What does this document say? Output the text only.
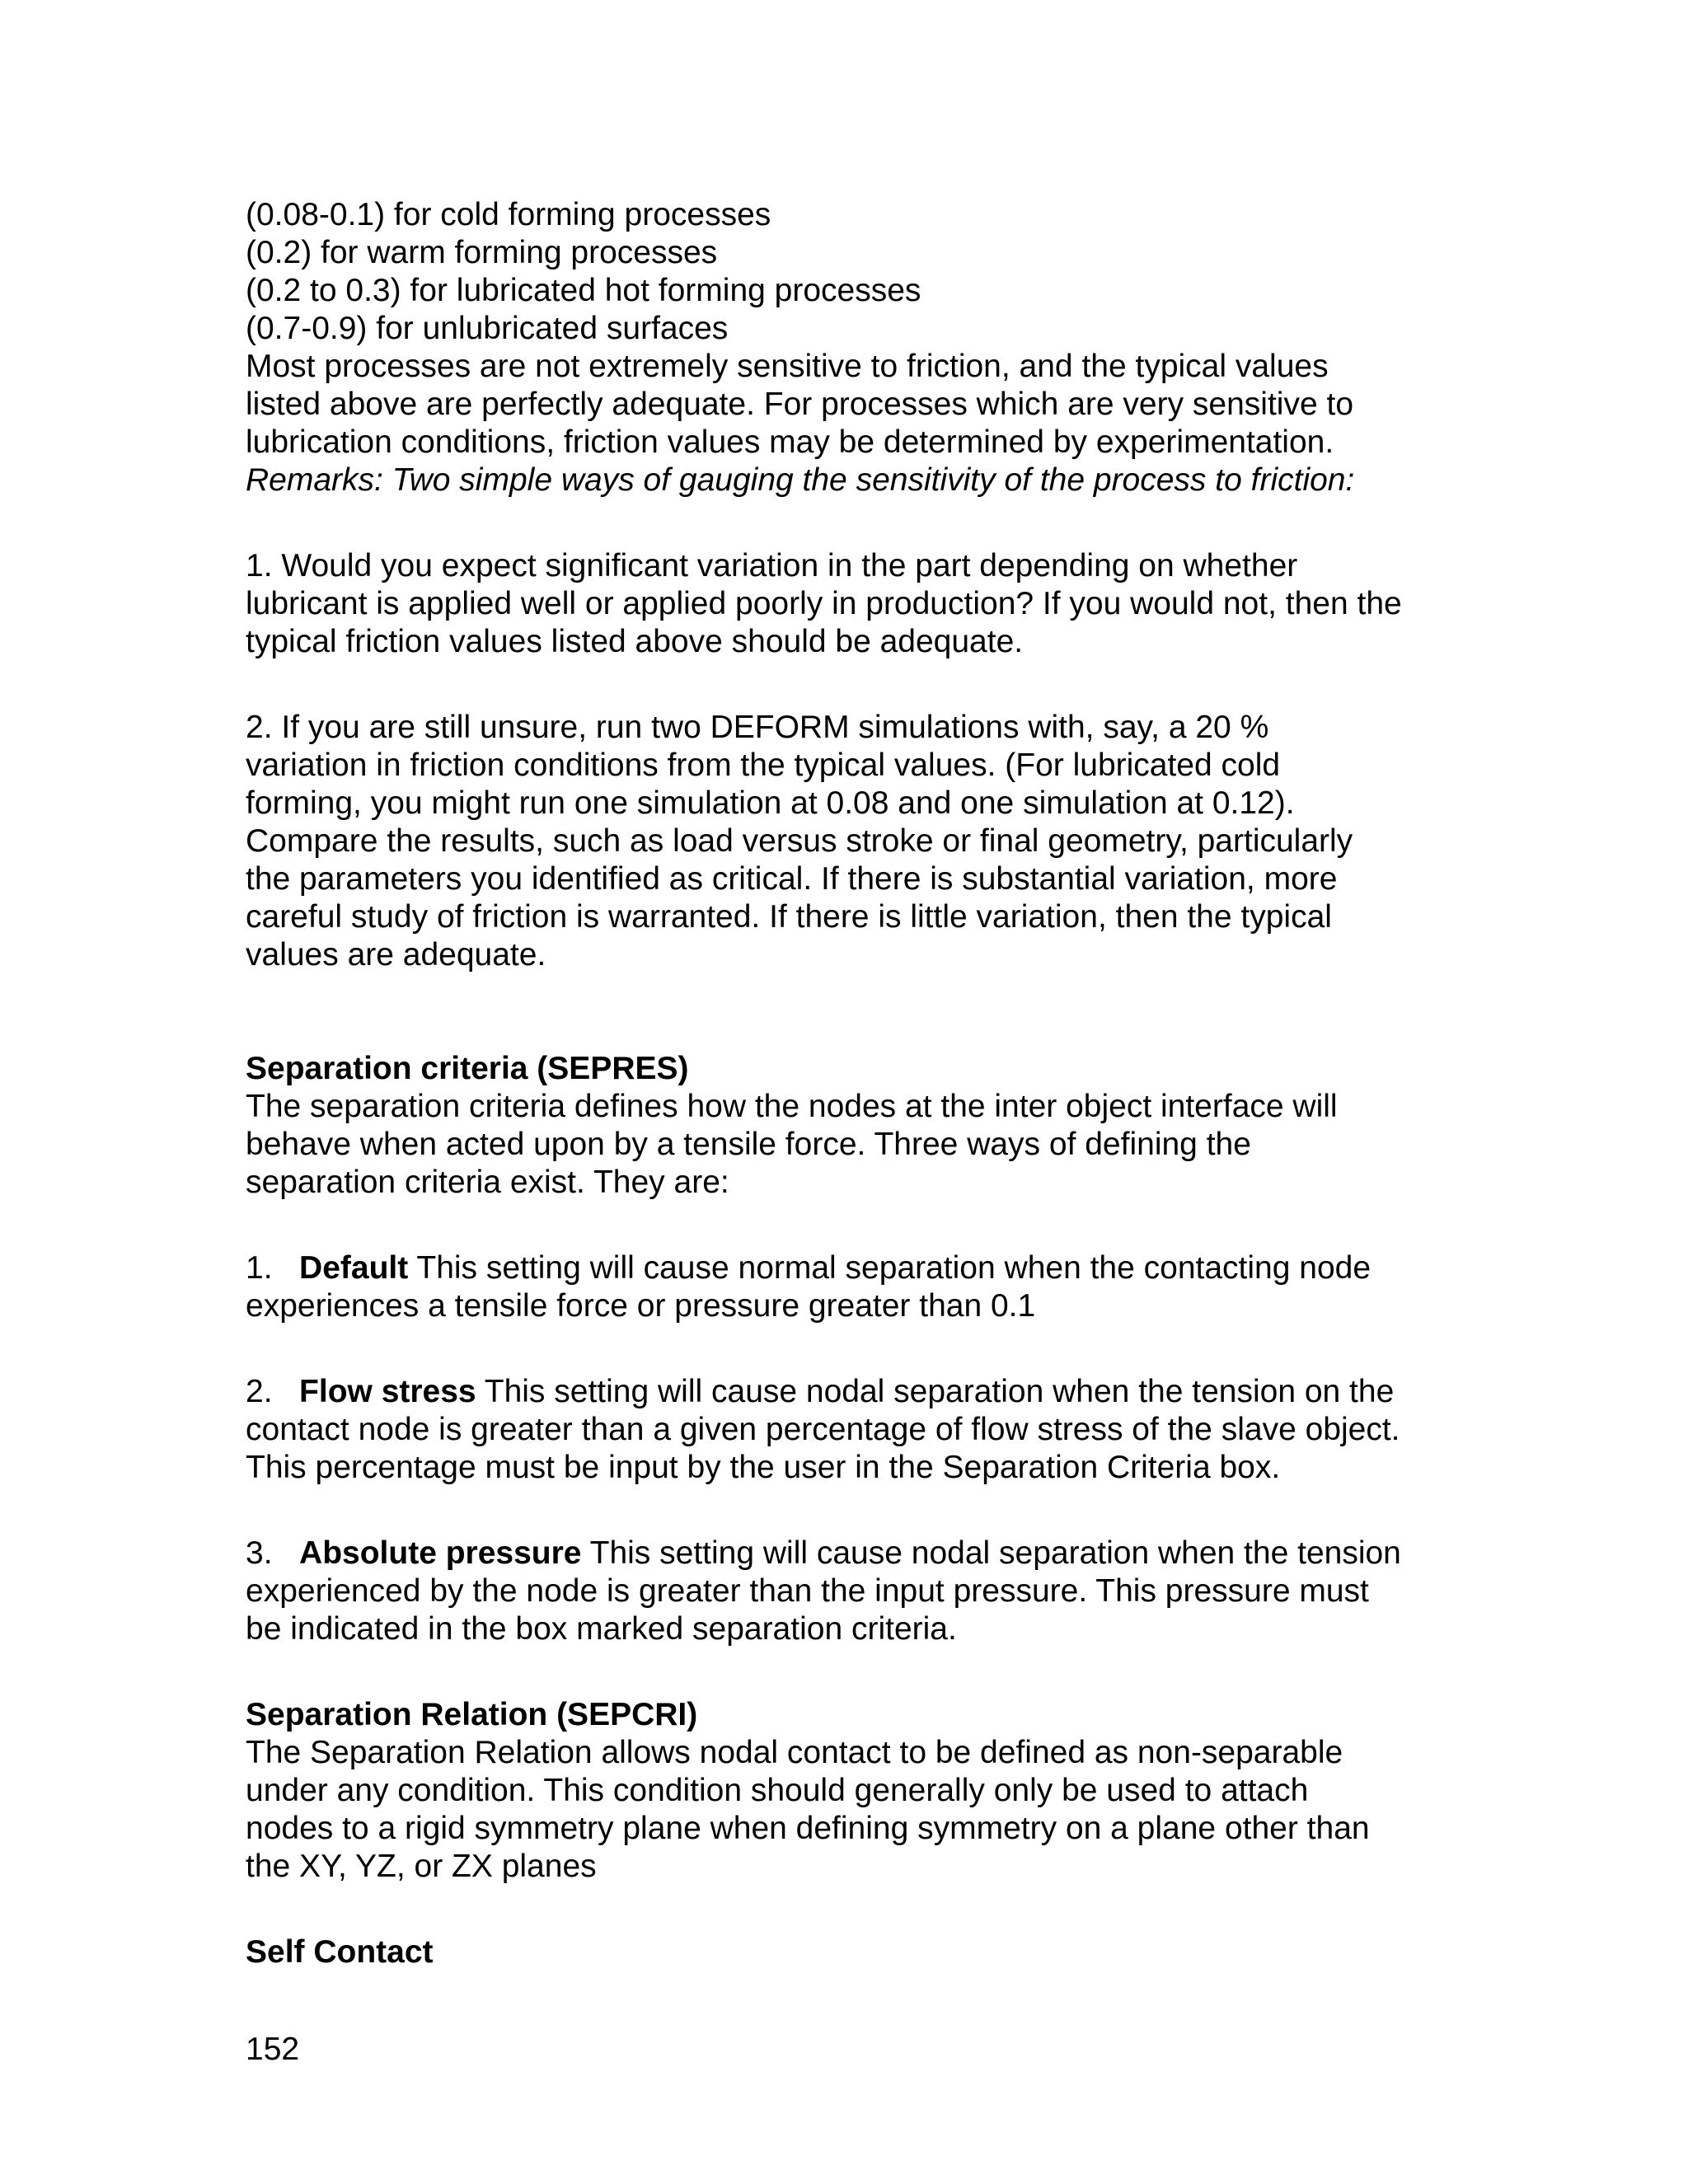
(0.08-0.1) for cold forming processes
(0.2) for warm forming processes
(0.2 to 0.3) for lubricated hot forming processes
(0.7-0.9) for unlubricated surfaces
Most processes are not extremely sensitive to friction, and the typical values
listed above are perfectly adequate. For processes which are very sensitive to
lubrication conditions, friction values may be determined by experimentation.
Remarks: Two simple ways of gauging the sensitivity of the process to friction:
1. Would you expect significant variation in the part depending on whether
lubricant is applied well or applied poorly in production? If you would not, then the
typical friction values listed above should be adequate.
2. If you are still unsure, run two DEFORM simulations with, say, a 20 %
variation in friction conditions from the typical values. (For lubricated cold
forming, you might run one simulation at 0.08 and one simulation at 0.12).
Compare the results, such as load versus stroke or final geometry, particularly
the parameters you identified as critical. If there is substantial variation, more
careful study of friction is warranted. If there is little variation, then the typical
values are adequate.
Separation criteria (SEPRES)
The separation criteria defines how the nodes at the inter object interface will
behave when acted upon by a tensile force. Three ways of defining the
separation criteria exist. They are:
1. Default This setting will cause normal separation when the contacting node
experiences a tensile force or pressure greater than 0.1
2. Flow stress This setting will cause nodal separation when the tension on the
contact node is greater than a given percentage of flow stress of the slave object.
This percentage must be input by the user in the Separation Criteria box.
3. Absolute pressure This setting will cause nodal separation when the tension
experienced by the node is greater than the input pressure. This pressure must
be indicated in the box marked separation criteria.
Separation Relation (SEPCRI)
The Separation Relation allows nodal contact to be defined as non-separable
under any condition. This condition should generally only be used to attach
nodes to a rigid symmetry plane when defining symmetry on a plane other than
the XY, YZ, or ZX planes
Self Contact
152
